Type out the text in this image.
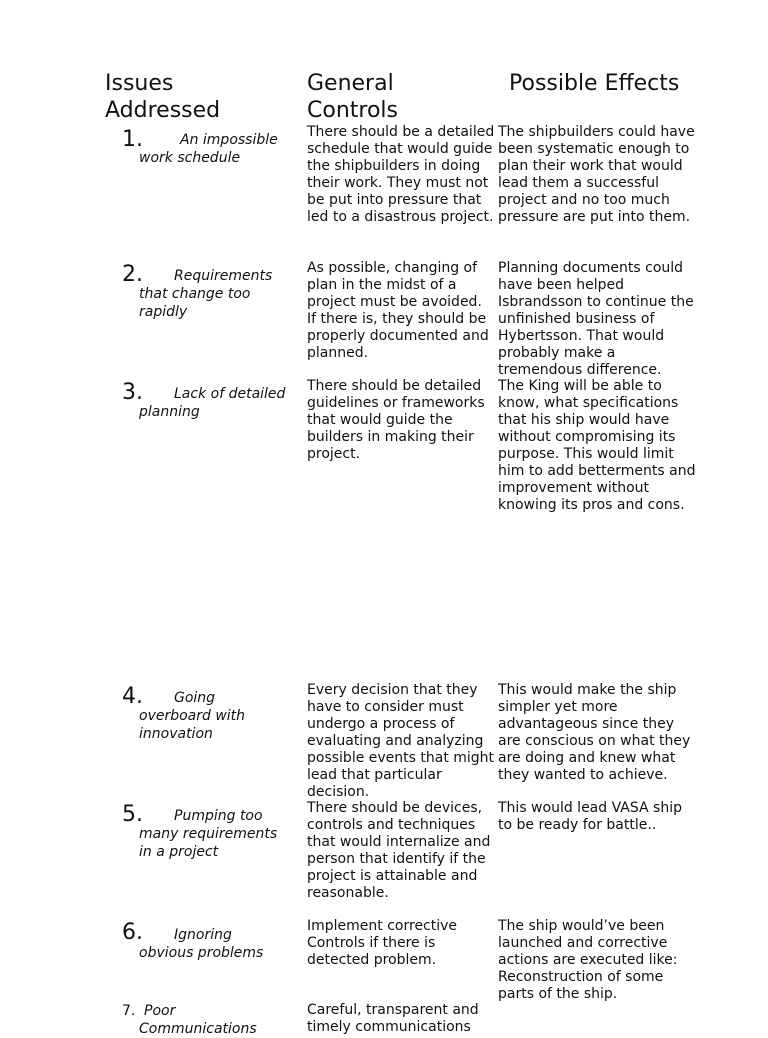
Issues Addressed
General Controls
Possible Effects
1.	An impossible work schedule
There should be a detailed schedule that would guide the shipbuilders in doing their work. They must not be put into pressure that led to a disastrous project.
The shipbuilders could have been systematic enough to plan their work that would lead them a successful project and no too much pressure are put into them.
2.	Requirements that change too rapidly
As possible, changing of plan in the midst of a project must be avoided. If there is, they should be properly documented and planned.
Planning documents could have been helped Isbrandsson to continue the unfinished business of Hybertsson. That would probably make a tremendous difference.
3.	Lack of detailed planning
There should be detailed guidelines or frameworks that would guide the builders in making their project.
The King will be able to know, what specifications that his ship would have without compromising its purpose. This would limit him to add betterments and improvement without knowing its pros and cons.
4.	Going overboard with innovation
Every decision that they have to consider must undergo a process of evaluating and analyzing possible events that might lead that particular decision.
This would make the ship simpler yet more advantageous since they are conscious on what they are doing and knew what they wanted to achieve.
5.	Pumping too many requirements in a project
There should be devices, controls and techniques that would internalize and person that identify if the project is attainable and reasonable.
This would lead VASA ship to be ready for battle..
6.	Ignoring obvious problems
Implement corrective Controls if there is detected problem.
The ship would’ve been launched and corrective actions are executed like: Reconstruction of some parts of the ship.
7. Poor Communications
Careful, transparent and timely communications
